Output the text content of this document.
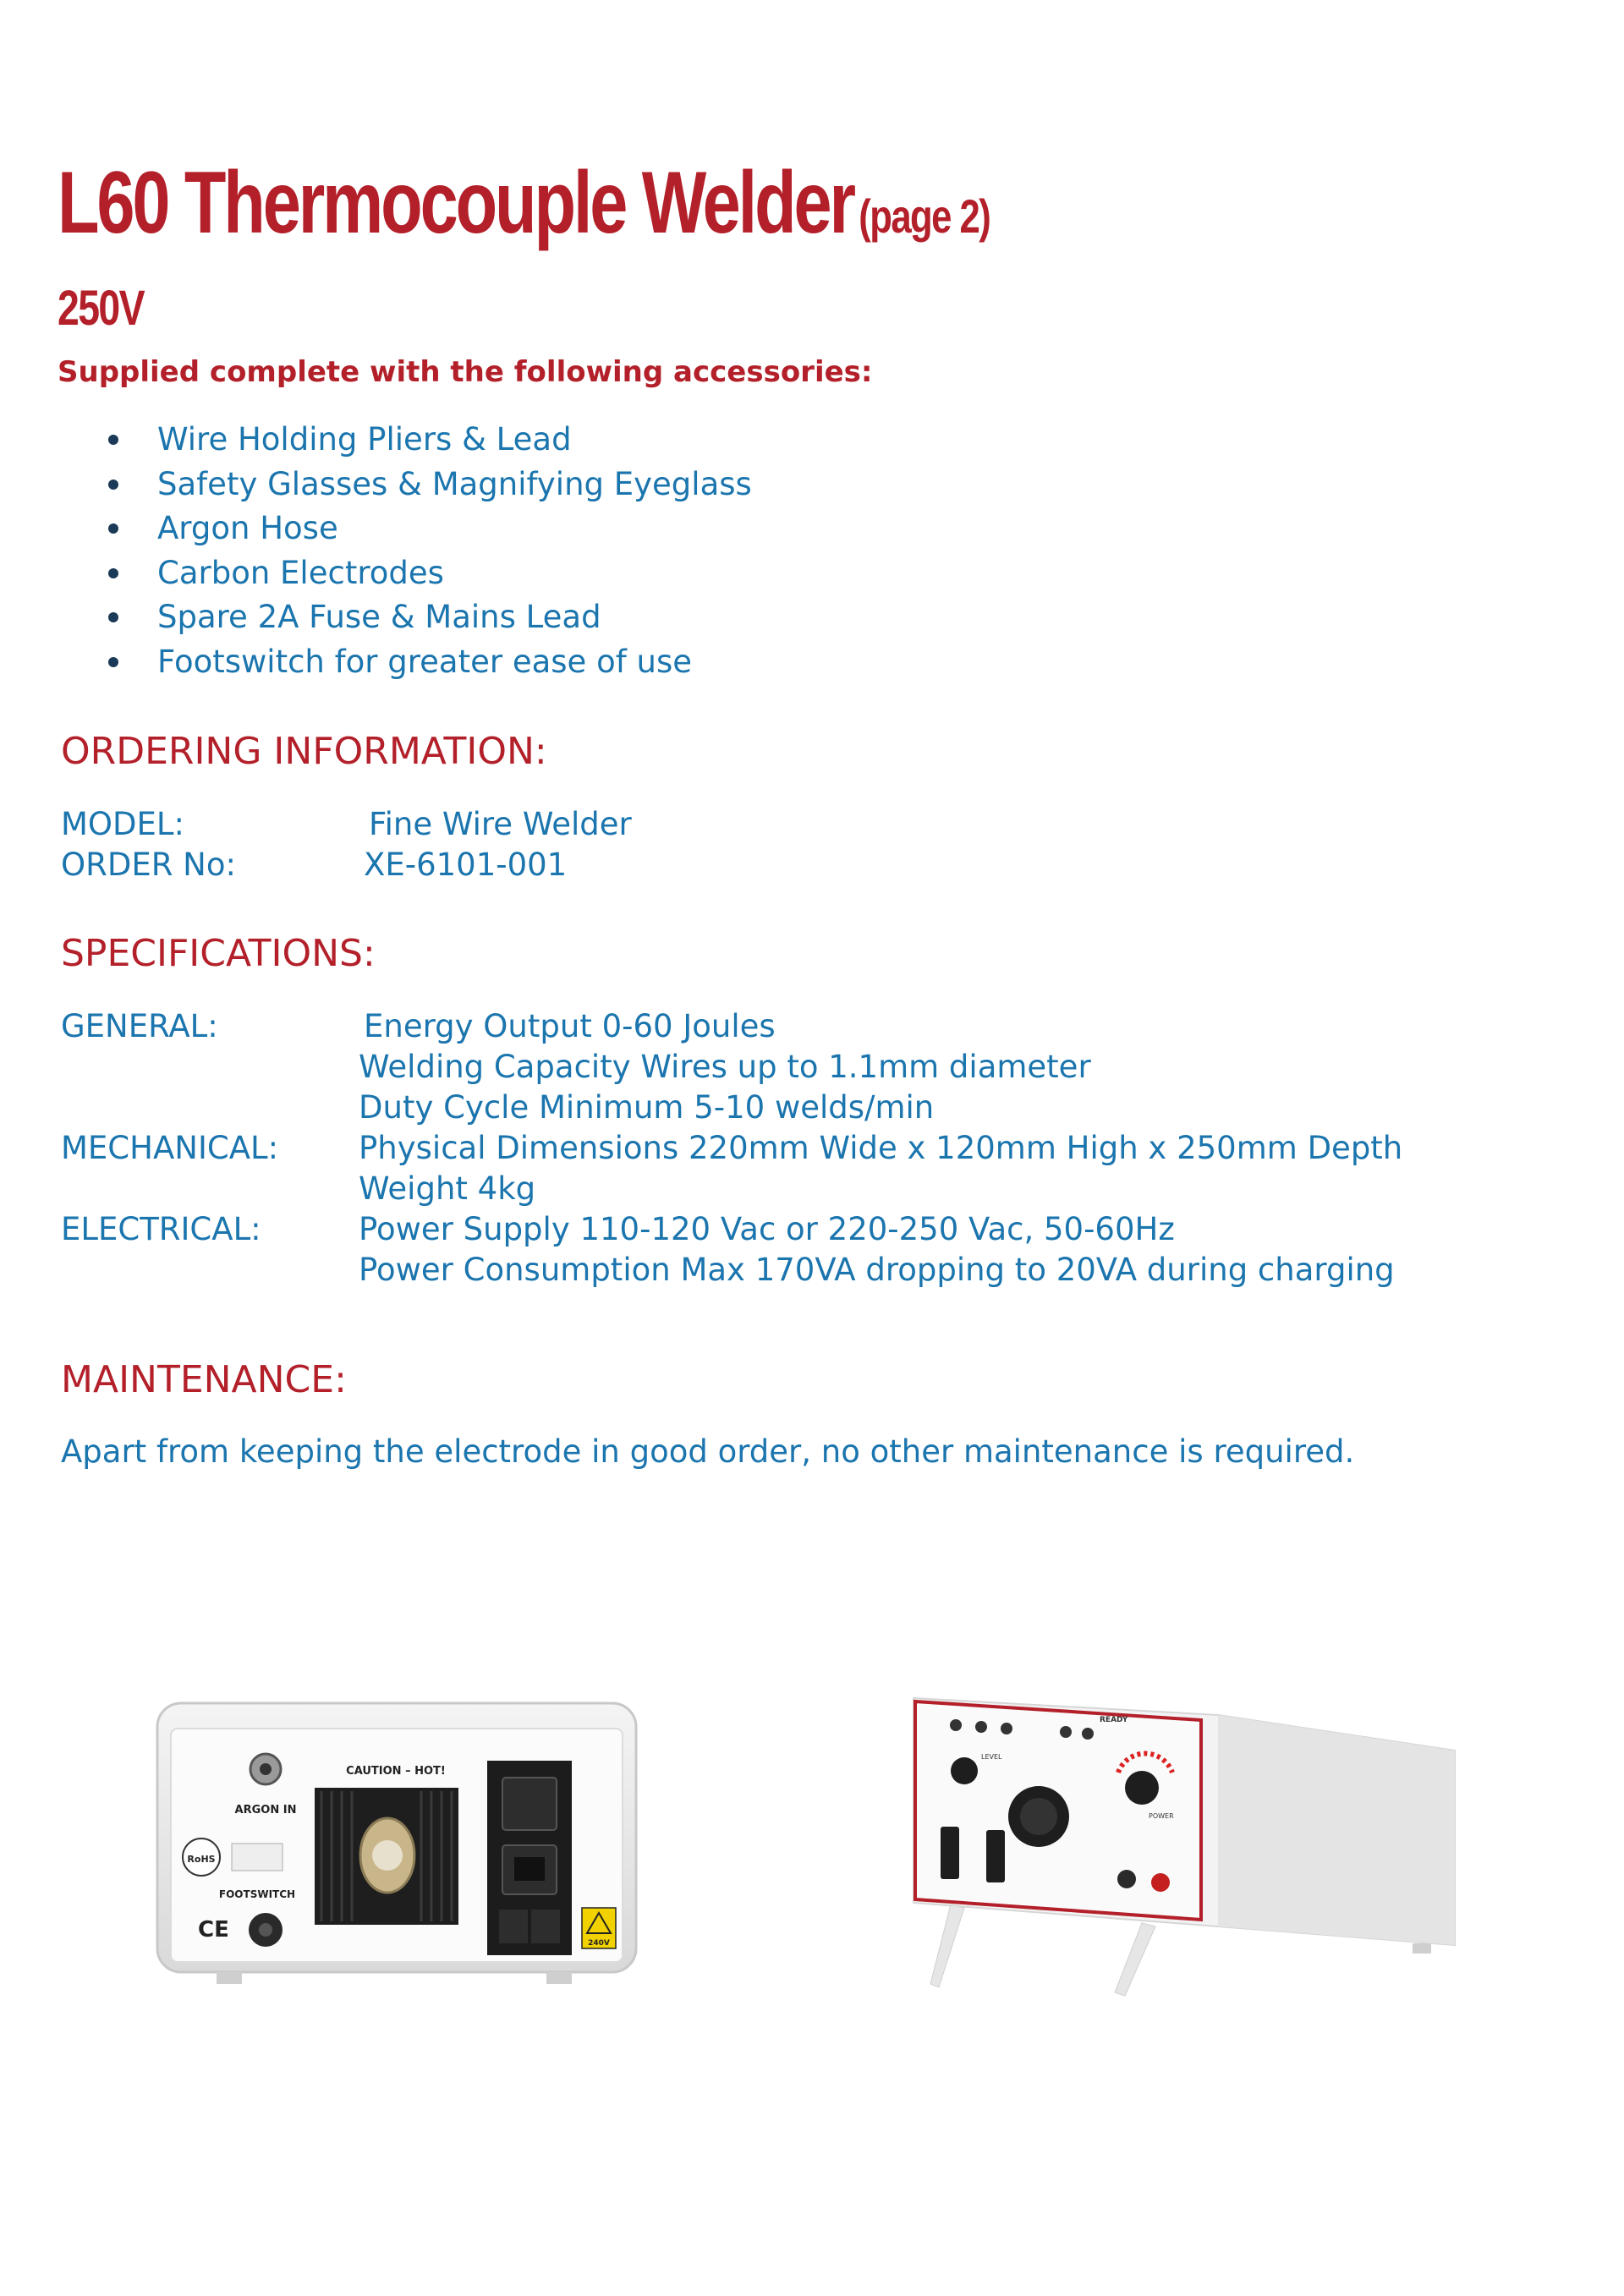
L60 Thermocouple Welder (page 2)
250V

Supplied complete with the following accessories:

Wire Holding Pliers & Lead
Safety Glasses & Magnifying Eyeglass
Argon Hose
Carbon Electrodes
Spare 2A Fuse & Mains Lead
Footswitch for greater ease of use
ORDERING INFORMATION:
MODEL:	Fine Wire Welder
ORDER No:	XE-6101-001
SPECIFICATIONS:
GENERAL:	Energy Output 0-60 Joules
Welding Capacity Wires up to 1.1mm diameter
Duty Cycle Minimum 5-10 welds/min
MECHANICAL:	Physical Dimensions 220mm Wide x 120mm High x 250mm Depth
Weight 4kg
ELECTRICAL:	Power Supply 110-120 Vac or 220-250 Vac, 50-60Hz
Power Consumption Max 170VA dropping to 20VA during charging
MAINTENANCE:

Apart from keeping the electrode in good order, no other maintenance is required.

ARGON IN
RoHS
FOOTSWITCH
CE
CAUTION – HOT!
240V
READY
LEVEL
POWER
